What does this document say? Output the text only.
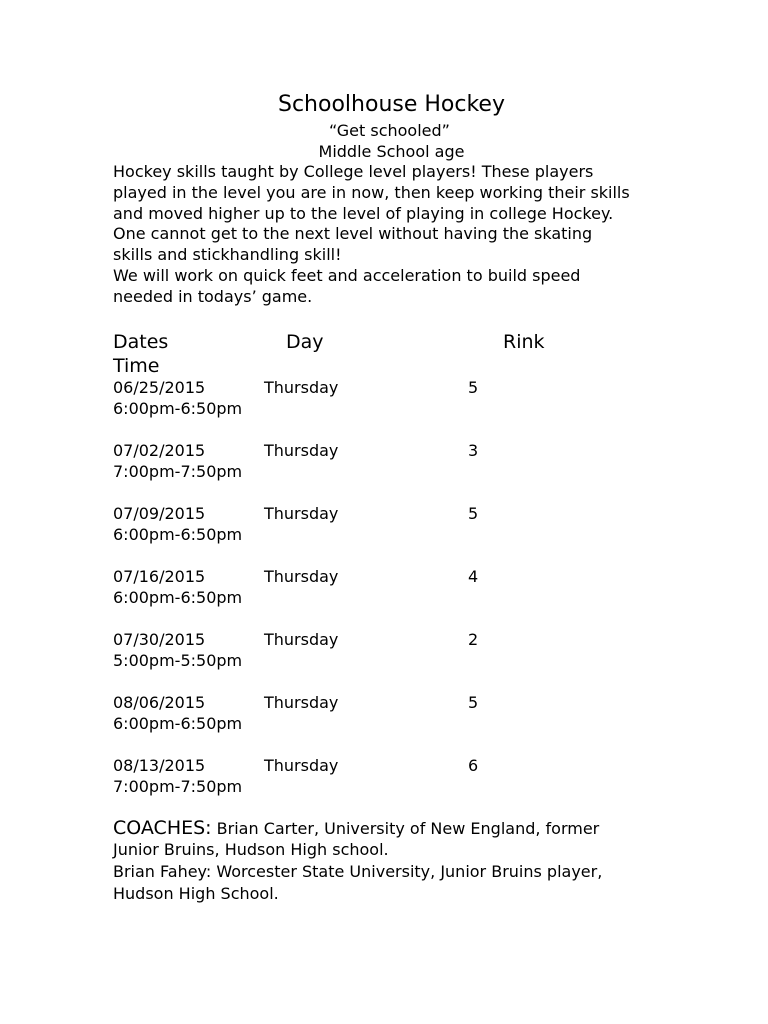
Schoolhouse Hockey
“Get schooled”
Middle School age

Hockey skills taught by College level players! These players
played in the level you are in now, then keep working their skills
and moved higher up to the level of playing in college Hockey.
One cannot get to the next level without having the skating
skills and stickhandling skill!
We will work on quick feet and acceleration to build speed
needed in todays’ game.

Dates	Day	Rink
Time
06/25/2015	Thursday	5
6:00pm-6:50pm
07/02/2015	Thursday	3
7:00pm-7:50pm
07/09/2015	Thursday	5
6:00pm-6:50pm
07/16/2015	Thursday	4
6:00pm-6:50pm
07/30/2015	Thursday	2
5:00pm-5:50pm
08/06/2015	Thursday	5
6:00pm-6:50pm
08/13/2015	Thursday	6
7:00pm-7:50pm
COACHES: Brian Carter, University of New England, former
Junior Bruins, Hudson High school.
Brian Fahey: Worcester State University, Junior Bruins player,
Hudson High School.
